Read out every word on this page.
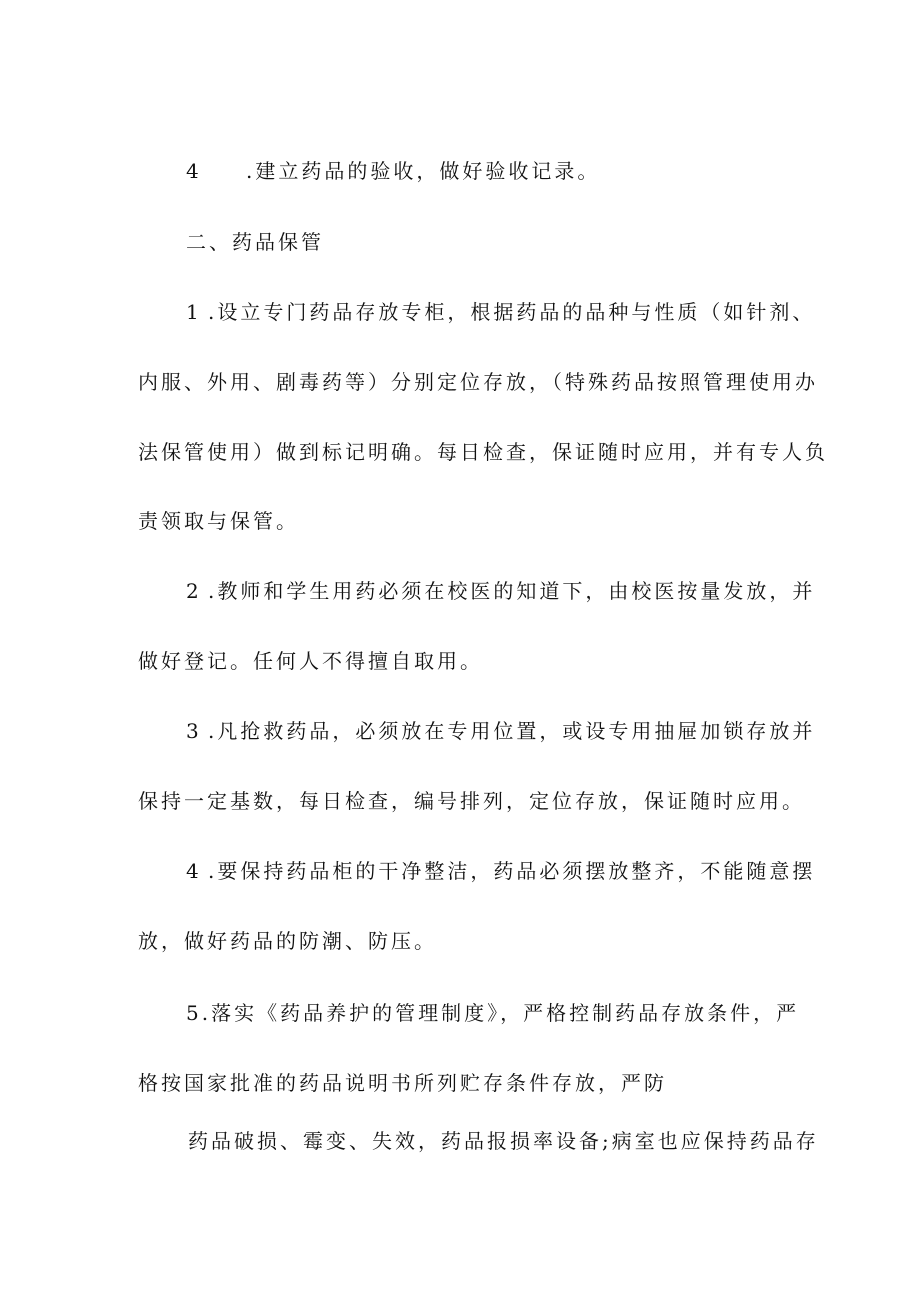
4 .建立药品的验收，做好验收记录。
二、药品保管
1 .设立专门药品存放专柜，根据药品的品种与性质（如针剂、
内服、外用、剧毒药等）分别定位存放，（特殊药品按照管理使用办
法保管使用）做到标记明确。每日检查，保证随时应用，并有专人负
责领取与保管。
2 .教师和学生用药必须在校医的知道下，由校医按量发放，并
做好登记。任何人不得擅自取用。
3 .凡抢救药品，必须放在专用位置，或设专用抽屉加锁存放并
保持一定基数，每日检查，编号排列，定位存放，保证随时应用。
4 .要保持药品柜的干净整洁，药品必须摆放整齐，不能随意摆
放，做好药品的防潮、防压。
5.落实《药品养护的管理制度》，严格控制药品存放条件，严
格按国家批准的药品说明书所列贮存条件存放，严防
药品破损、霉变、失效，药品报损率设备;病室也应保持药品存
